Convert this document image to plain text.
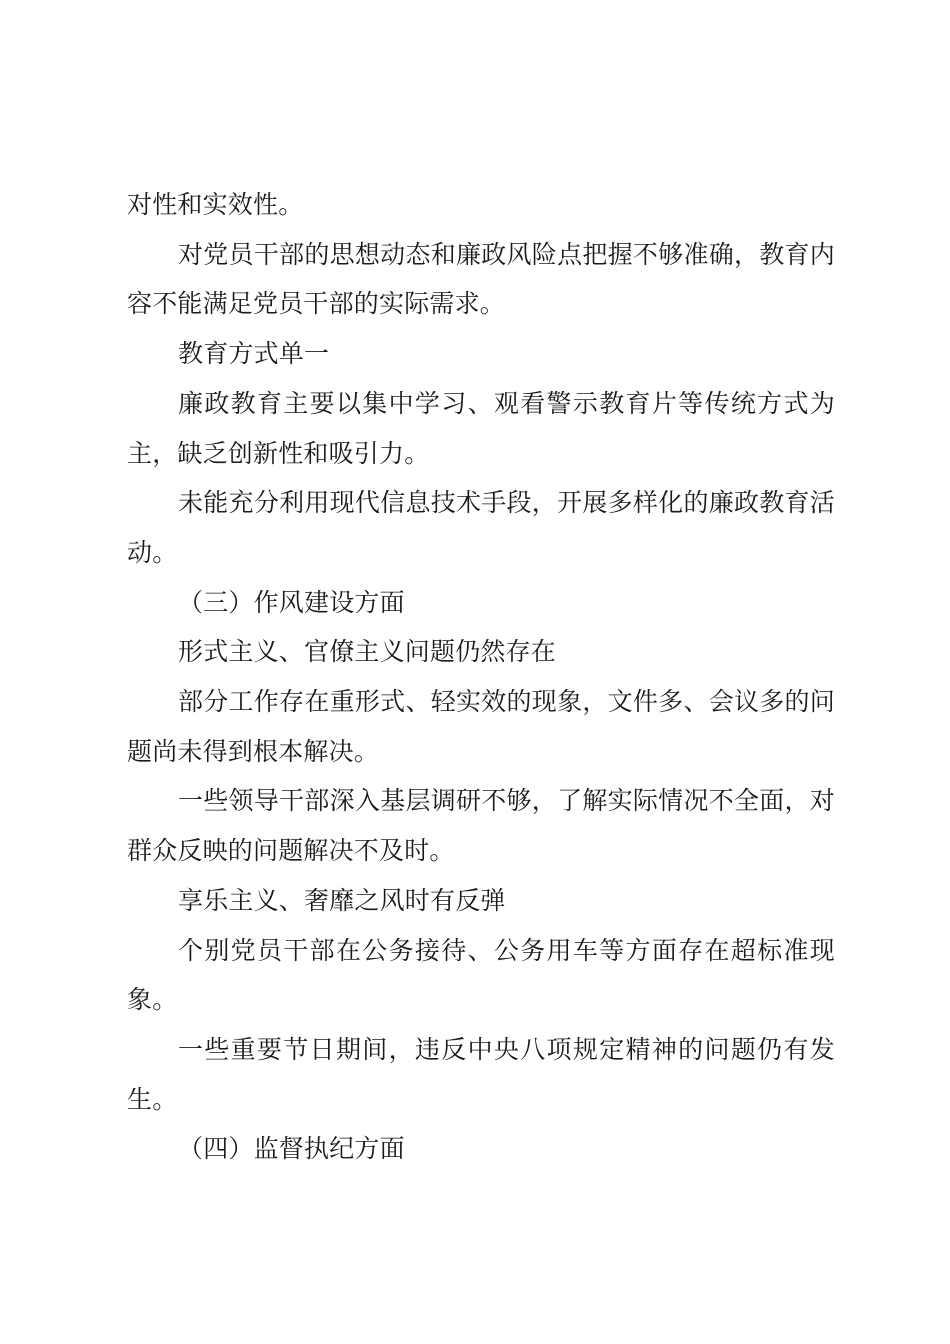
对性和实效性。

对党员干部的思想动态和廉政风险点把握不够准确，教育内容不能满足党员干部的实际需求。

教育方式单一

廉政教育主要以集中学习、观看警示教育片等传统方式为主，缺乏创新性和吸引力。

未能充分利用现代信息技术手段，开展多样化的廉政教育活动。

（三）作风建设方面

形式主义、官僚主义问题仍然存在

部分工作存在重形式、轻实效的现象，文件多、会议多的问题尚未得到根本解决。

一些领导干部深入基层调研不够，了解实际情况不全面，对群众反映的问题解决不及时。

享乐主义、奢靡之风时有反弹

个别党员干部在公务接待、公务用车等方面存在超标准现象。

一些重要节日期间，违反中央八项规定精神的问题仍有发生。

（四）监督执纪方面
